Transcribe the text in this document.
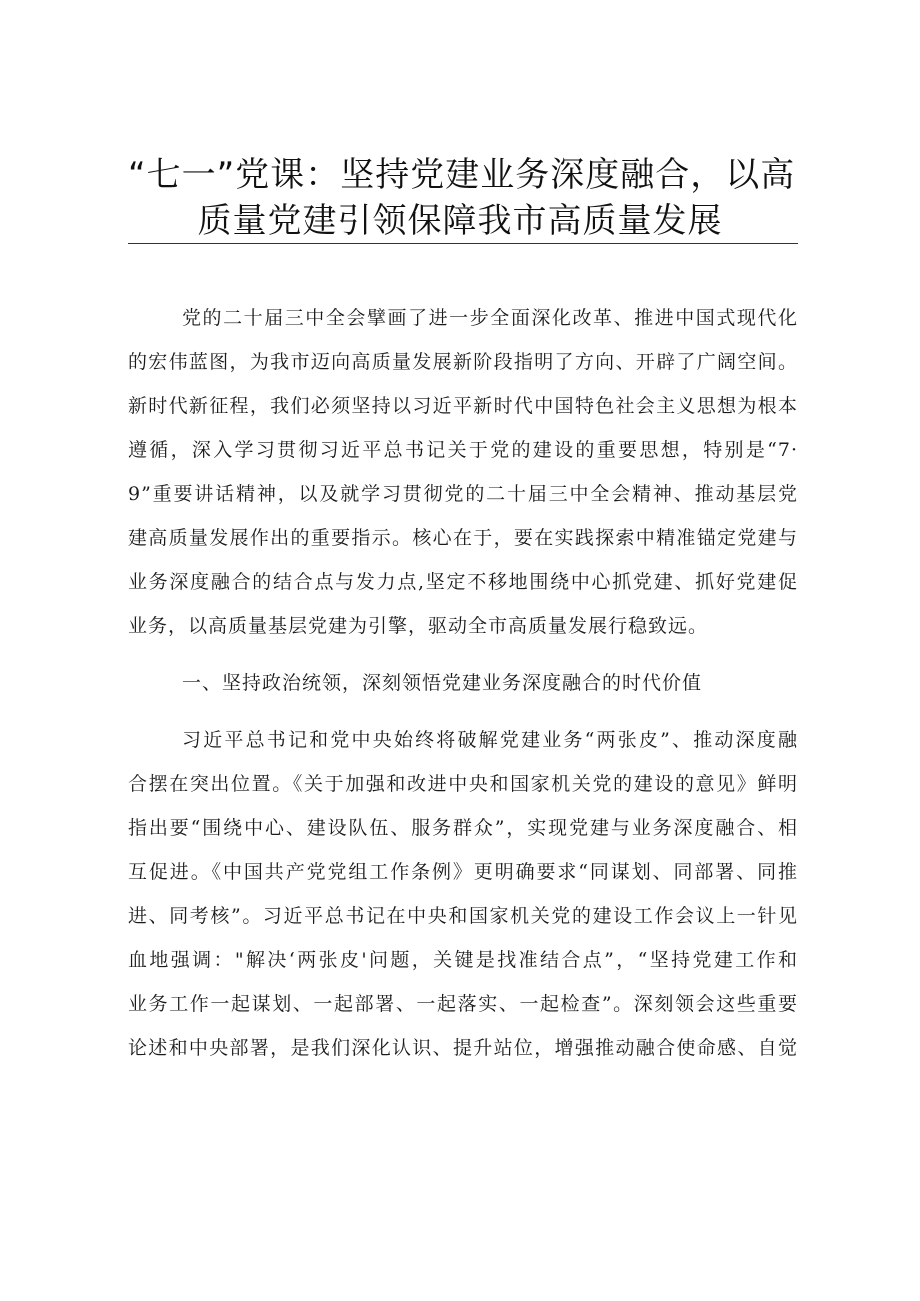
“七一”党课：坚持党建业务深度融合，以高
质量党建引领保障我市高质量发展
党的二十届三中全会擘画了进一步全面深化改革、推进中国式现代化
的宏伟蓝图，为我市迈向高质量发展新阶段指明了方向、开辟了广阔空间。
新时代新征程，我们必须坚持以习近平新时代中国特色社会主义思想为根本
遵循，深入学习贯彻习近平总书记关于党的建设的重要思想，特别是“7·
9”重要讲话精神，以及就学习贯彻党的二十届三中全会精神、推动基层党
建高质量发展作出的重要指示。核心在于，要在实践探索中精准锚定党建与
业务深度融合的结合点与发力点,坚定不移地围绕中心抓党建、抓好党建促
业务，以高质量基层党建为引擎，驱动全市高质量发展行稳致远。
一、坚持政治统领，深刻领悟党建业务深度融合的时代价值
习近平总书记和党中央始终将破解党建业务“两张皮”、推动深度融
合摆在突出位置。《关于加强和改进中央和国家机关党的建设的意见》鲜明
指出要“围绕中心、建设队伍、服务群众”，实现党建与业务深度融合、相
互促进。《中国共产党党组工作条例》更明确要求“同谋划、同部署、同推
进、同考核”。习近平总书记在中央和国家机关党的建设工作会议上一针见
血地强调："解决‘两张皮'问题，关键是找准结合点”，“坚持党建工作和
业务工作一起谋划、一起部署、一起落实、一起检查”。深刻领会这些重要
论述和中央部署，是我们深化认识、提升站位，增强推动融合使命感、自觉
